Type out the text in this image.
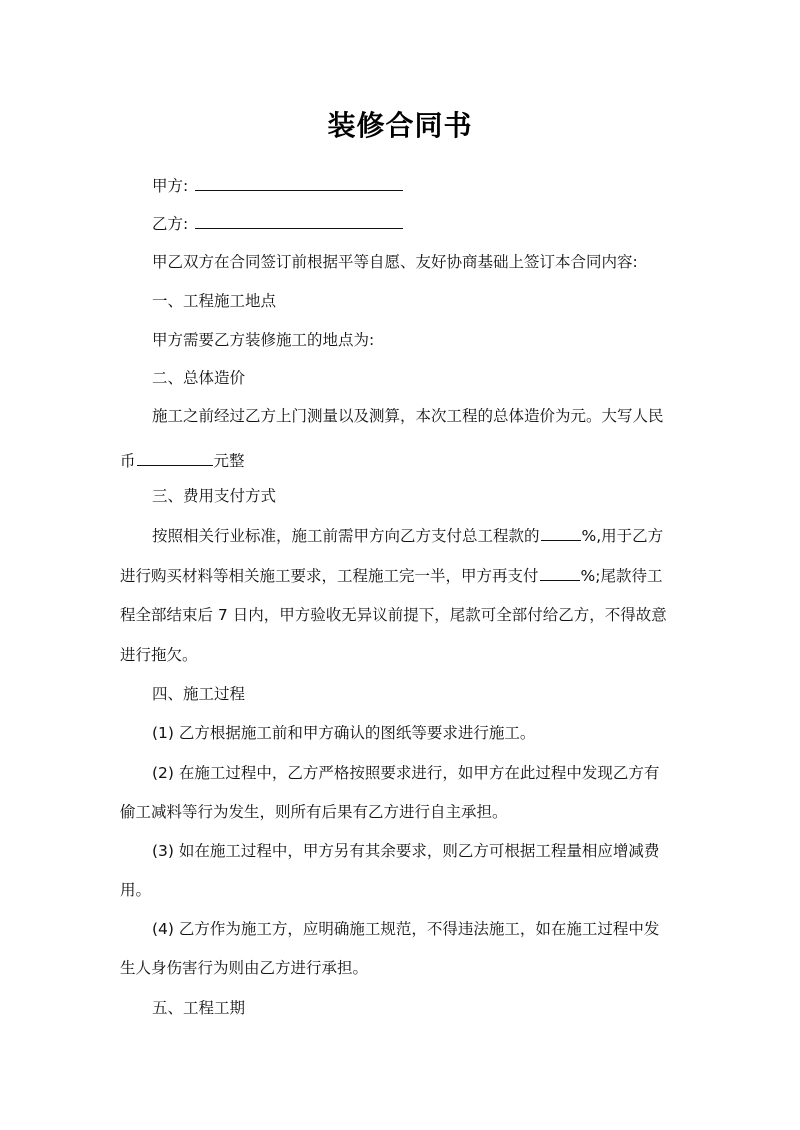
装修合同书
甲方:
乙方:
甲乙双方在合同签订前根据平等自愿、友好协商基础上签订本合同内容:
一、工程施工地点
甲方需要乙方装修施工的地点为:
二、总体造价
施工之前经过乙方上门测量以及测算，本次工程的总体造价为元。大写人民
币	元整
三、费用支付方式
按照相关行业标准，施工前需甲方向乙方支付总工程款的	%,用于乙方
进行购买材料等相关施工要求，工程施工完一半，甲方再支付	%;尾款待工
程全部结束后 7 日内，甲方验收无异议前提下，尾款可全部付给乙方，不得故意
进行拖欠。
四、施工过程
(1) 乙方根据施工前和甲方确认的图纸等要求进行施工。
(2) 在施工过程中，乙方严格按照要求进行，如甲方在此过程中发现乙方有
偷工减料等行为发生，则所有后果有乙方进行自主承担。
(3) 如在施工过程中，甲方另有其余要求，则乙方可根据工程量相应增减费
用。
(4) 乙方作为施工方，应明确施工规范，不得违法施工，如在施工过程中发
生人身伤害行为则由乙方进行承担。
五、工程工期
